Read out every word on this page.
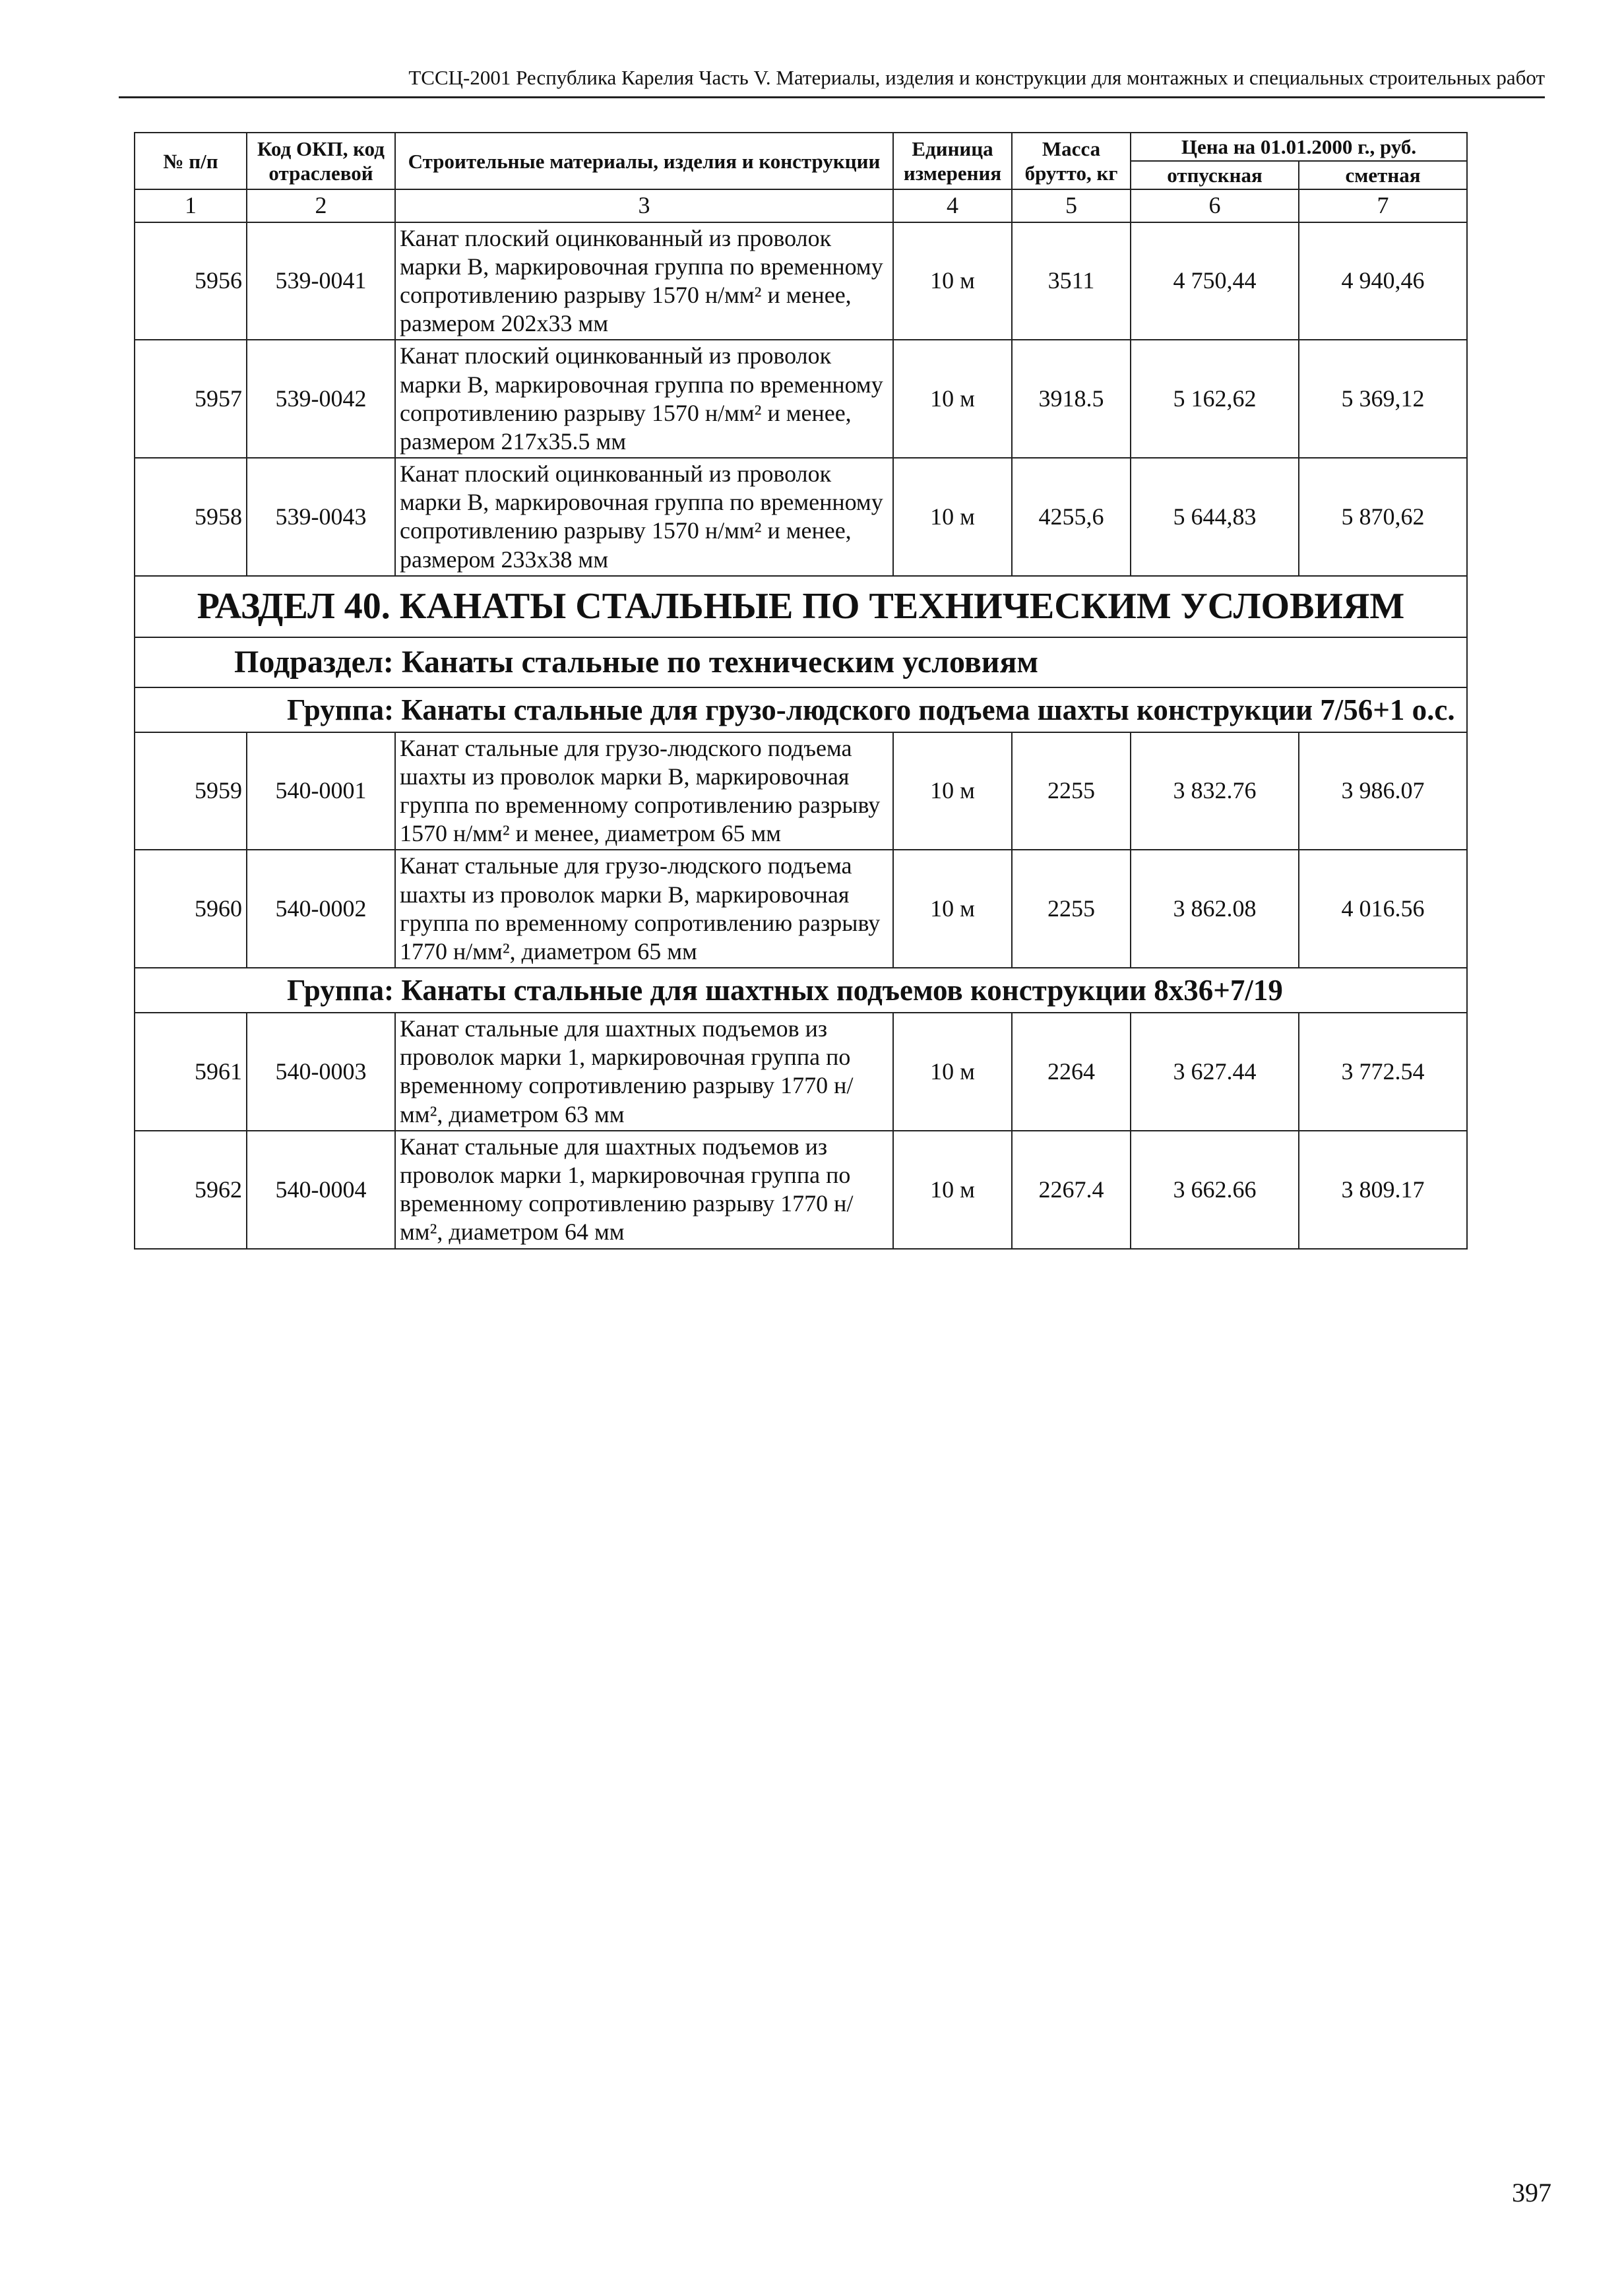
ТССЦ-2001 Республика Карелия Часть V. Материалы, изделия и конструкции для монтажных и специальных строительных работ
№ п/п	Код ОКП, код отраслевой	Строительные материалы, изделия и конструкции	Единица измерения	Масса брутто, кг	Цена на 01.01.2000 г., руб.	
					отпускная	сметная
1	2	3	4	5	6	7
5956	539-0041	Канат плоский оцинкованный из проволок марки В, маркировочная группа по временному сопротивлению разрыву 1570 н/мм² и менее, размером 202х33 мм	10 м	3511	4 750,44	4 940,46
5957	539-0042	Канат плоский оцинкованный из проволок марки В, маркировочная группа по временному сопротивлению разрыву 1570 н/мм² и менее, размером 217х35.5 мм	10 м	3918.5	5 162,62	5 369,12
5958	539-0043	Канат плоский оцинкованный из проволок марки В, маркировочная группа по временному сопротивлению разрыву 1570 н/мм² и менее, размером 233х38 мм	10 м	4255,6	5 644,83	5 870,62
РАЗДЕЛ 40. КАНАТЫ СТАЛЬНЫЕ ПО ТЕХНИЧЕСКИМ УСЛОВИЯМ						
Подраздел: Канаты стальные по техническим условиям						
Группа: Канаты стальные для грузо-людского подъема шахты конструкции 7/56+1 о.с.						
5959	540-0001	Канат стальные для грузо-людского подъема шахты из проволок марки В, маркировочная группа по временному сопротивлению разрыву 1570 н/мм² и менее, диаметром 65 мм	10 м	2255	3 832.76	3 986.07
5960	540-0002	Канат стальные для грузо-людского подъема шахты из проволок марки В, маркировочная группа по временному сопротивлению разрыву 1770 н/мм², диаметром 65 мм	10 м	2255	3 862.08	4 016.56
Группа: Канаты стальные для шахтных подъемов конструкции 8х36+7/19						
5961	540-0003	Канат стальные для шахтных подъемов из проволок марки 1, маркировочная группа по временному сопротивлению разрыву 1770 н/мм², диаметром 63 мм	10 м	2264	3 627.44	3 772.54
5962	540-0004	Канат стальные для шахтных подъемов из проволок марки 1, маркировочная группа по временному сопротивлению разрыву 1770 н/мм², диаметром 64 мм	10 м	2267.4	3 662.66	3 809.17
397
